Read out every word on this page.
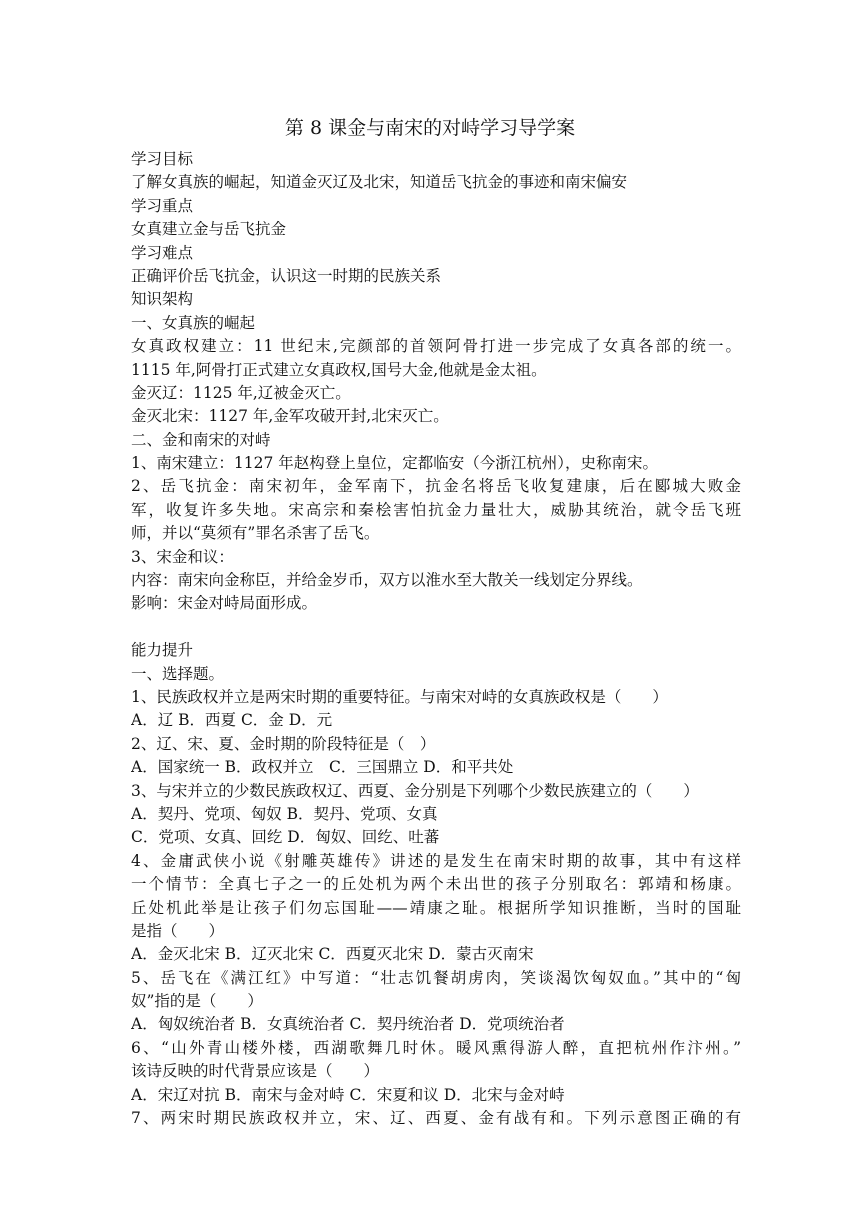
第 8 课金与南宋的对峙学习导学案
学习目标
了解女真族的崛起，知道金灭辽及北宋，知道岳飞抗金的事迹和南宋偏安
学习重点
女真建立金与岳飞抗金
学习难点
正确评价岳飞抗金，认识这一时期的民族关系
知识架构
一、女真族的崛起
女真政权建立：11 世纪末,完颜部的首领阿骨打进一步完成了女真各部的统一。
1115 年,阿骨打正式建立女真政权,国号大金,他就是金太祖。
金灭辽：1125 年,辽被金灭亡。
金灭北宋：1127 年,金军攻破开封,北宋灭亡。
二、金和南宋的对峙
1、南宋建立：1127 年赵构登上皇位，定都临安（今浙江杭州），史称南宋。
2、岳飞抗金：南宋初年，金军南下，抗金名将岳飞收复建康，后在郾城大败金
军，收复许多失地。宋高宗和秦桧害怕抗金力量壮大，威胁其统治，就令岳飞班
师，并以“莫须有”罪名杀害了岳飞。
3、宋金和议：
内容：南宋向金称臣，并给金岁币，双方以淮水至大散关一线划定分界线。
影响：宋金对峙局面形成。
能力提升
一、选择题。
1、民族政权并立是两宋时期的重要特征。与南宋对峙的女真族政权是（　　）
A．辽 B．西夏 C．金 D．元
2、辽、宋、夏、金时期的阶段特征是（　）
A．国家统一 B．政权并立　C．三国鼎立 D．和平共处
3、与宋并立的少数民族政权辽、西夏、金分别是下列哪个少数民族建立的（　　）
A．契丹、党项、匈奴 B．契丹、党项、女真
C．党项、女真、回纥 D．匈奴、回纥、吐蕃
4、金庸武侠小说《射雕英雄传》讲述的是发生在南宋时期的故事，其中有这样
一个情节：全真七子之一的丘处机为两个未出世的孩子分别取名：郭靖和杨康。
丘处机此举是让孩子们勿忘国耻——靖康之耻。根据所学知识推断，当时的国耻
是指（　　）
A．金灭北宋 B．辽灭北宋 C．西夏灭北宋 D．蒙古灭南宋
5、岳飞在《满江红》中写道：“壮志饥餐胡虏肉，笑谈渴饮匈奴血。”其中的“匈
奴”指的是（　　）
A．匈奴统治者 B．女真统治者 C．契丹统治者 D．党项统治者
6、“山外青山楼外楼，西湖歌舞几时休。暖风熏得游人醉，直把杭州作汴州。”
该诗反映的时代背景应该是（　　）
A．宋辽对抗 B．南宋与金对峙 C．宋夏和议 D．北宋与金对峙
7、两宋时期民族政权并立，宋、辽、西夏、金有战有和。下列示意图正确的有
